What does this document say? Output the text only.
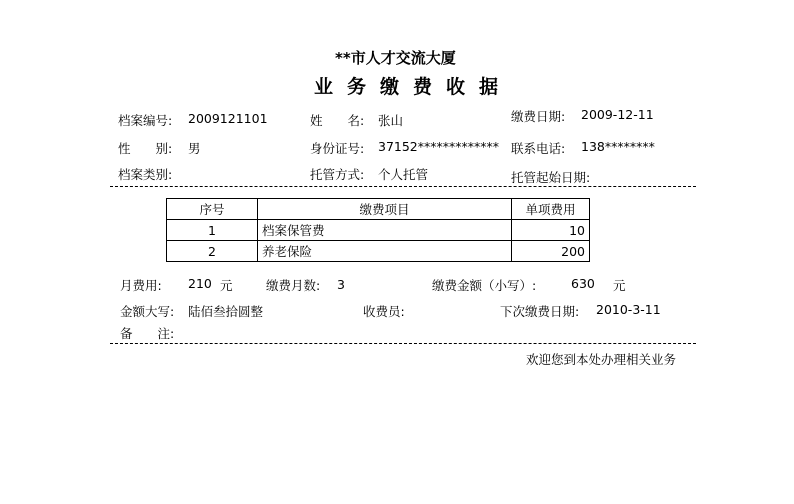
**市人才交流大厦
业务缴费收据
档案编号: 2009121101	姓　　名: 张山	缴费日期: 2009-12-11
性　　别: 男	身份证号: 37152************* 联系电话: 138********
档案类别:	托管方式: 个人托管	托管起始日期:
序号	缴费项目	单项费用
1	档案保管费	10
2	养老保险	200
月费用: 210 元	缴费月数: 3	缴费金额（小写）:	630 元
金额大写: 陆佰叁拾圆整	收费员:	下次缴费日期: 2010-3-11
备　　注:
欢迎您到本处办理相关业务
